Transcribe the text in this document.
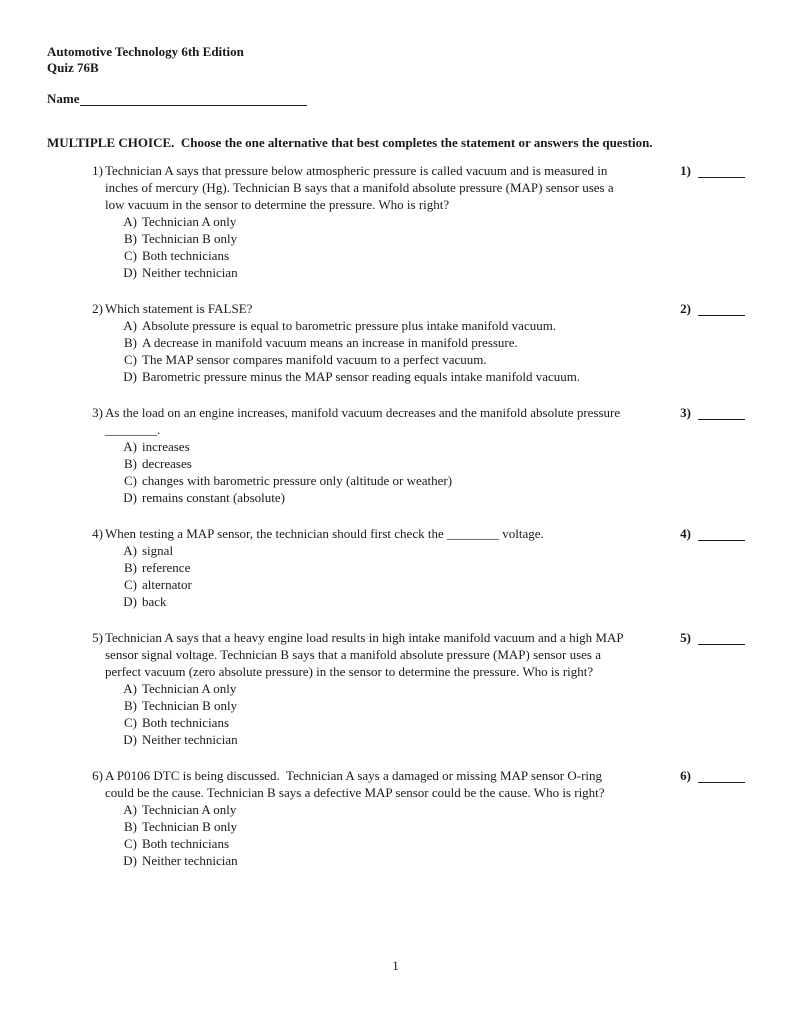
Automotive Technology 6th Edition
Quiz 76B
Name
MULTIPLE CHOICE.  Choose the one alternative that best completes the statement or answers the question.
1) Technician A says that pressure below atmospheric pressure is called vacuum and is measured in inches of mercury (Hg). Technician B says that a manifold absolute pressure (MAP) sensor uses a low vacuum in the sensor to determine the pressure. Who is right?
A) Technician A only
B) Technician B only
C) Both technicians
D) Neither technician
1)
2) Which statement is FALSE?
A) Absolute pressure is equal to barometric pressure plus intake manifold vacuum.
B) A decrease in manifold vacuum means an increase in manifold pressure.
C) The MAP sensor compares manifold vacuum to a perfect vacuum.
D) Barometric pressure minus the MAP sensor reading equals intake manifold vacuum.
2)
3) As the load on an engine increases, manifold vacuum decreases and the manifold absolute pressure ________.
A) increases
B) decreases
C) changes with barometric pressure only (altitude or weather)
D) remains constant (absolute)
3)
4) When testing a MAP sensor, the technician should first check the ________ voltage.
A) signal
B) reference
C) alternator
D) back
4)
5) Technician A says that a heavy engine load results in high intake manifold vacuum and a high MAP sensor signal voltage. Technician B says that a manifold absolute pressure (MAP) sensor uses a perfect vacuum (zero absolute pressure) in the sensor to determine the pressure. Who is right?
A) Technician A only
B) Technician B only
C) Both technicians
D) Neither technician
5)
6) A P0106 DTC is being discussed.  Technician A says a damaged or missing MAP sensor O-ring could be the cause. Technician B says a defective MAP sensor could be the cause. Who is right?
A) Technician A only
B) Technician B only
C) Both technicians
D) Neither technician
6)
1
